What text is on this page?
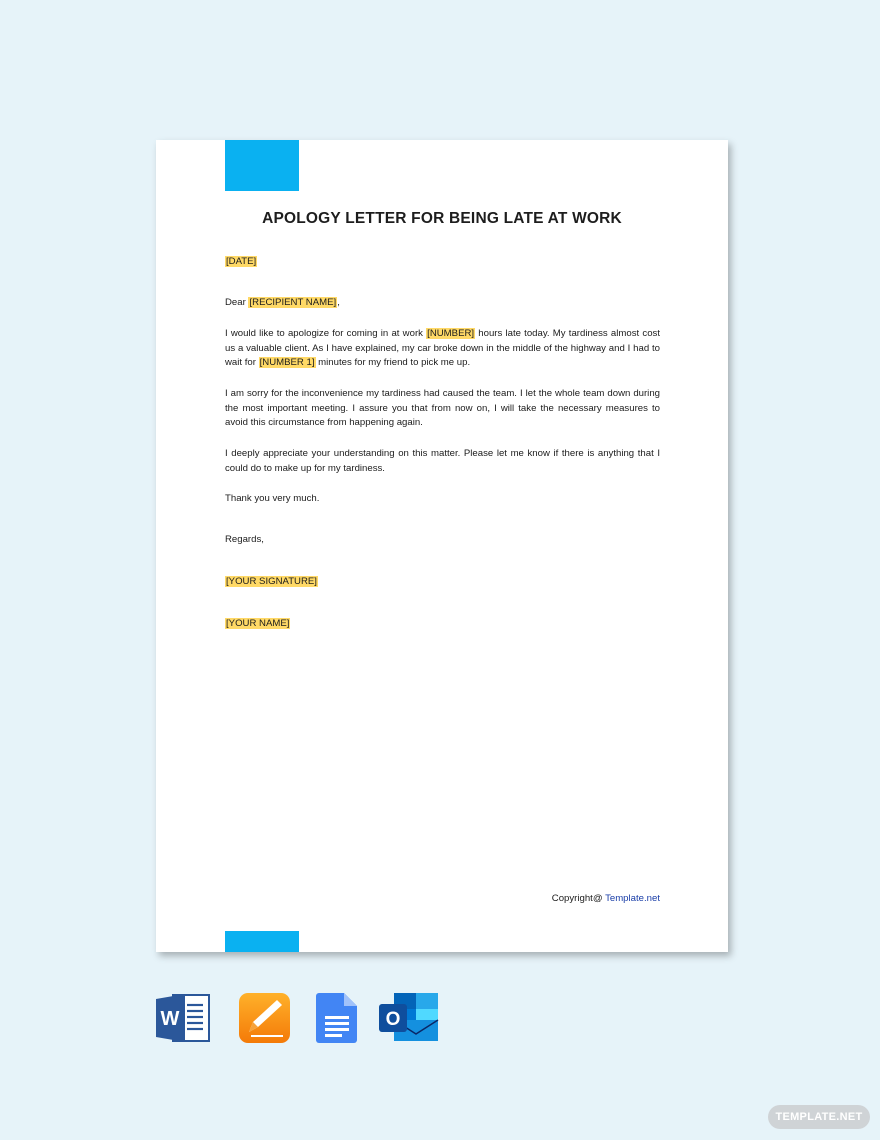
APOLOGY LETTER FOR BEING LATE AT WORK
[DATE]
Dear [RECIPIENT NAME],
I would like to apologize for coming in at work [NUMBER] hours late today. My tardiness almost cost us a valuable client. As I have explained, my car broke down in the middle of the highway and I had to wait for [NUMBER 1] minutes for my friend to pick me up.
I am sorry for the inconvenience my tardiness had caused the team. I let the whole team down during the most important meeting. I assure you that from now on, I will take the necessary measures to avoid this circumstance from happening again.
I deeply appreciate your understanding on this matter. Please let me know if there is anything that I could do to make up for my tardiness.
Thank you very much.
Regards,
[YOUR SIGNATURE]
[YOUR NAME]
Copyright@ Template.net
W	O
TEMPLATE.NET
